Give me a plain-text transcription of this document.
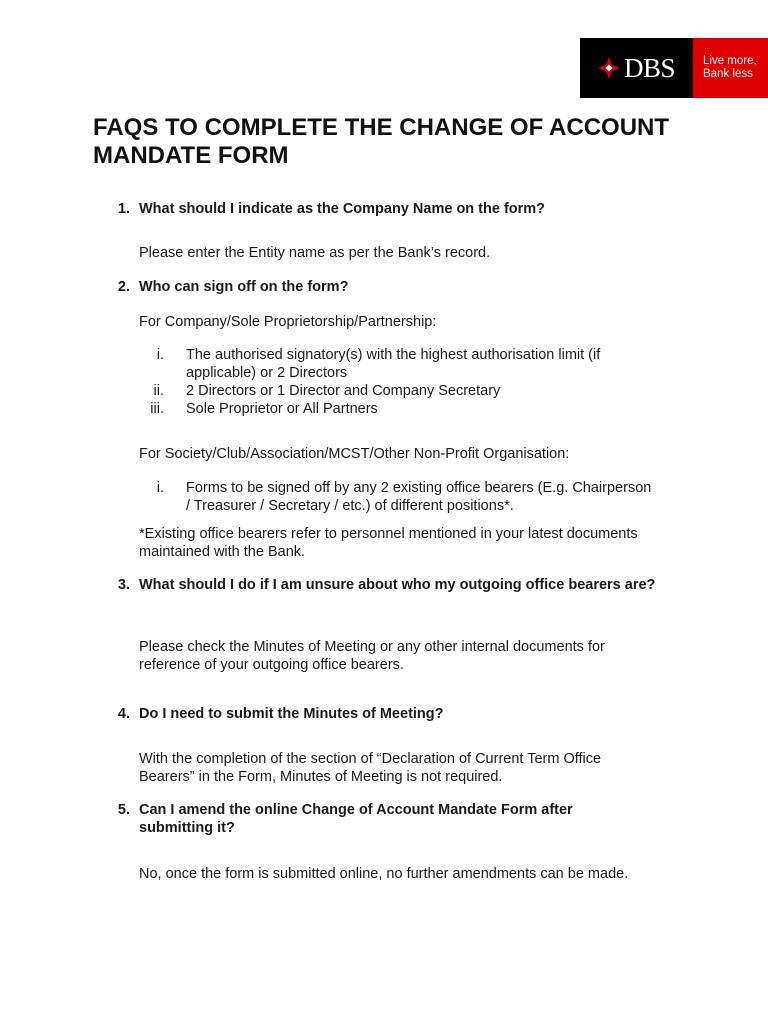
DBS Live more,
Bank less
FAQS TO COMPLETE THE CHANGE OF ACCOUNT MANDATE FORM

1. What should I indicate as the Company Name on the form?

Please enter the Entity name as per the Bank’s record.

2. Who can sign off on the form?

For Company/Sole Proprietorship/Partnership:

i. The authorised signatory(s) with the highest authorisation limit (if applicable) or 2 Directors

ii. 2 Directors or 1 Director and Company Secretary

iii. Sole Proprietor or All Partners

For Society/Club/Association/MCST/Other Non-Profit Organisation:

i. Forms to be signed off by any 2 existing office bearers (E.g. Chairperson / Treasurer / Secretary / etc.) of different positions*.

*Existing office bearers refer to personnel mentioned in your latest documents maintained with the Bank.

3. What should I do if I am unsure about who my outgoing office bearers are?

Please check the Minutes of Meeting or any other internal documents for reference of your outgoing office bearers.

4. Do I need to submit the Minutes of Meeting?

With the completion of the section of “Declaration of Current Term Office Bearers” in the Form, Minutes of Meeting is not required.

5. Can I amend the online Change of Account Mandate Form after submitting it?

No, once the form is submitted online, no further amendments can be made.
